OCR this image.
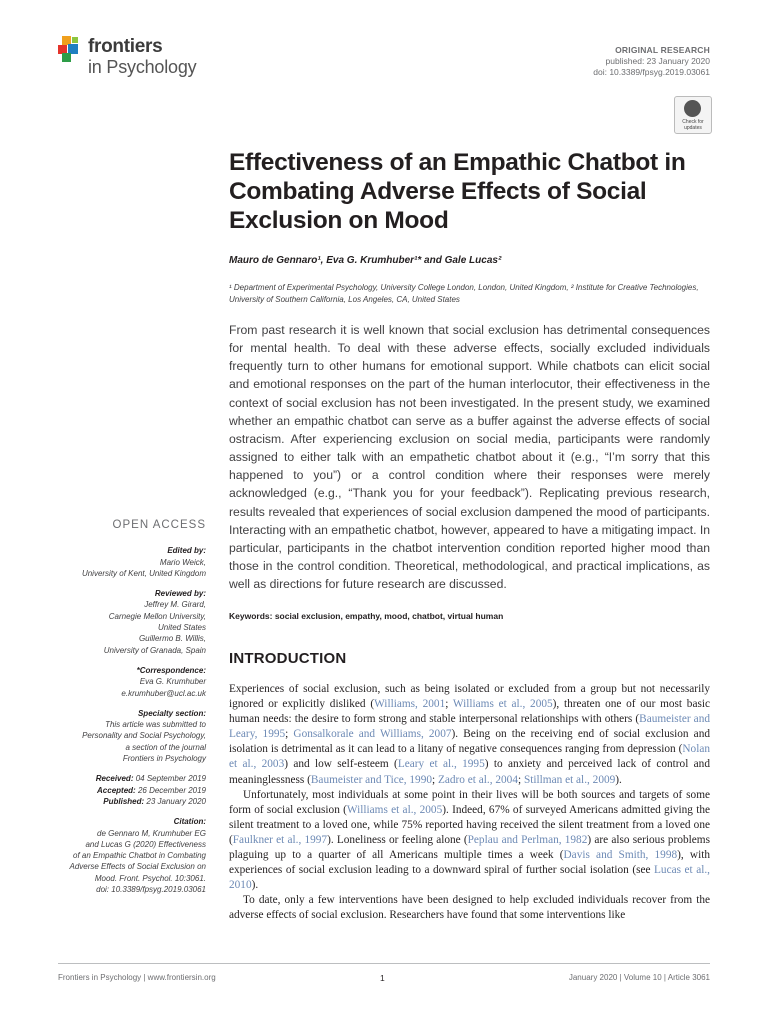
frontiers
in Psychology
ORIGINAL RESEARCH
published: 23 January 2020
doi: 10.3389/fpsyg.2019.03061
Check for updates
Effectiveness of an Empathic Chatbot in Combating Adverse Effects of Social Exclusion on Mood
Mauro de Gennaro¹, Eva G. Krumhuber¹* and Gale Lucas²
¹ Department of Experimental Psychology, University College London, London, United Kingdom, ² Institute for Creative Technologies, University of Southern California, Los Angeles, CA, United States
From past research it is well known that social exclusion has detrimental consequences for mental health. To deal with these adverse effects, socially excluded individuals frequently turn to other humans for emotional support. While chatbots can elicit social and emotional responses on the part of the human interlocutor, their effectiveness in the context of social exclusion has not been investigated. In the present study, we examined whether an empathic chatbot can serve as a buffer against the adverse effects of social ostracism. After experiencing exclusion on social media, participants were randomly assigned to either talk with an empathetic chatbot about it (e.g., “I’m sorry that this happened to you”) or a control condition where their responses were merely acknowledged (e.g., “Thank you for your feedback”). Replicating previous research, results revealed that experiences of social exclusion dampened the mood of participants. Interacting with an empathetic chatbot, however, appeared to have a mitigating impact. In particular, participants in the chatbot intervention condition reported higher mood than those in the control condition. Theoretical, methodological, and practical implications, as well as directions for future research are discussed.
Keywords: social exclusion, empathy, mood, chatbot, virtual human
INTRODUCTION

Experiences of social exclusion, such as being isolated or excluded from a group but not necessarily ignored or explicitly disliked (Williams, 2001; Williams et al., 2005), threaten one of our most basic human needs: the desire to form strong and stable interpersonal relationships with others (Baumeister and Leary, 1995; Gonsalkorale and Williams, 2007). Being on the receiving end of social exclusion and isolation is detrimental as it can lead to a litany of negative consequences ranging from depression (Nolan et al., 2003) and low self-esteem (Leary et al., 1995) to anxiety and perceived lack of control and meaninglessness (Baumeister and Tice, 1990; Zadro et al., 2004; Stillman et al., 2009).

Unfortunately, most individuals at some point in their lives will be both sources and targets of some form of social exclusion (Williams et al., 2005). Indeed, 67% of surveyed Americans admitted giving the silent treatment to a loved one, while 75% reported having received the silent treatment from a loved one (Faulkner et al., 1997). Loneliness or feeling alone (Peplau and Perlman, 1982) are also serious problems plaguing up to a quarter of all Americans multiple times a week (Davis and Smith, 1998), with experiences of social exclusion leading to a downward spiral of further social isolation (see Lucas et al., 2010).

To date, only a few interventions have been designed to help excluded individuals recover from the adverse effects of social exclusion. Researchers have found that some interventions like

OPEN ACCESS
Edited by:
Mario Weick,
University of Kent, United Kingdom
Reviewed by:
Jeffrey M. Girard,
Carnegie Mellon University,
United States
Guillermo B. Willis,
University of Granada, Spain
*Correspondence:
Eva G. Krumhuber
e.krumhuber@ucl.ac.uk
Specialty section:
This article was submitted to
Personality and Social Psychology,
a section of the journal
Frontiers in Psychology
Received: 04 September 2019
Accepted: 26 December 2019
Published: 23 January 2020
Citation:
de Gennaro M, Krumhuber EG
and Lucas G (2020) Effectiveness
of an Empathic Chatbot in Combating
Adverse Effects of Social Exclusion on
Mood. Front. Psychol. 10:3061.
doi: 10.3389/fpsyg.2019.03061
Frontiers in Psychology | www.frontiersin.org	1	January 2020 | Volume 10 | Article 3061
